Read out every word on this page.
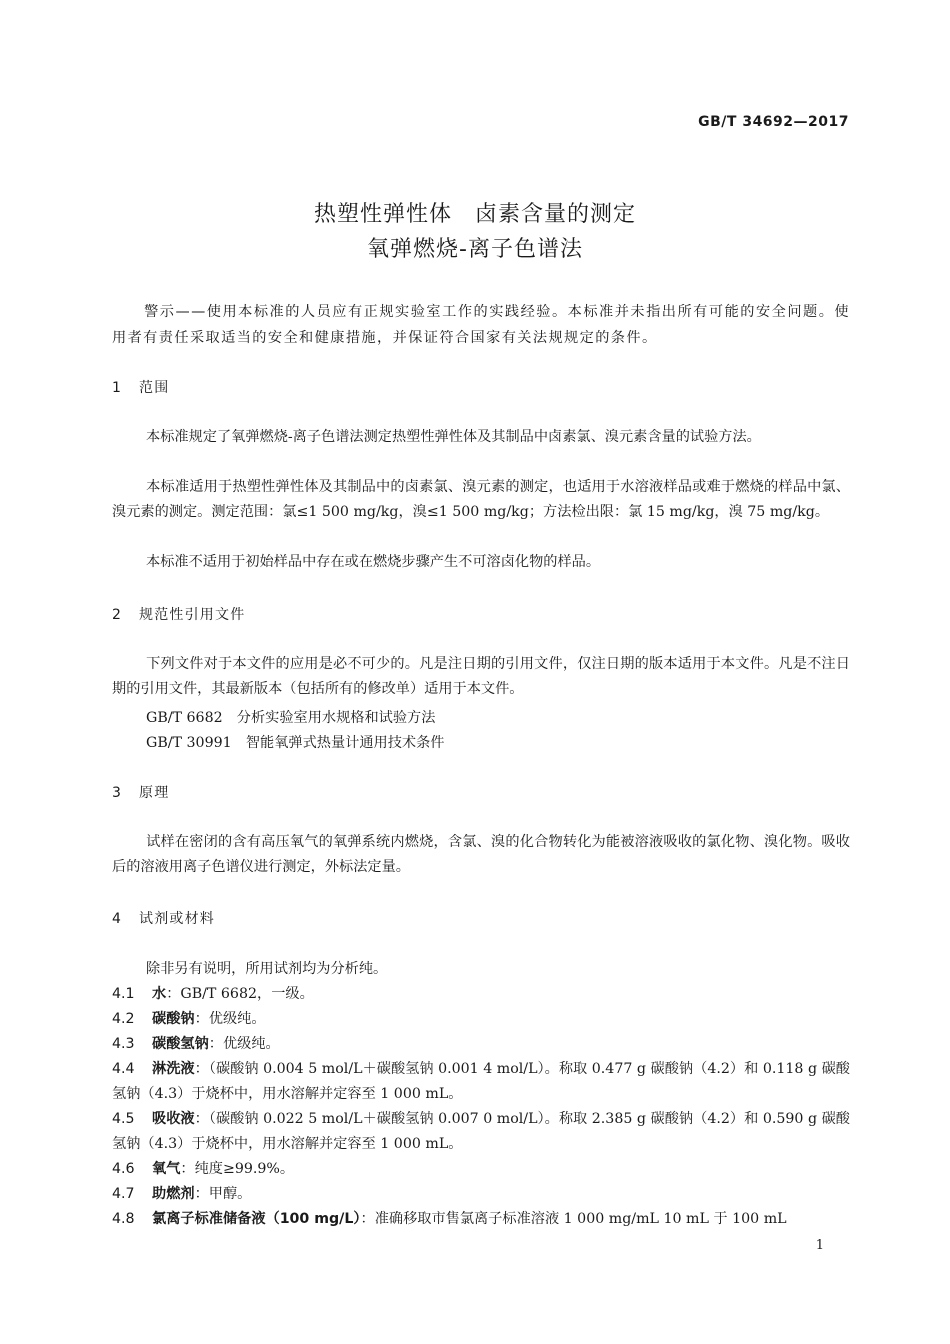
GB/T 34692—2017
热塑性弹性体　卤素含量的测定
氧弹燃烧-离子色谱法
警示——使用本标准的人员应有正规实验室工作的实践经验。本标准并未指出所有可能的安全问题。使用者有责任采取适当的安全和健康措施，并保证符合国家有关法规规定的条件。
1 范围
本标准规定了氧弹燃烧-离子色谱法测定热塑性弹性体及其制品中卤素氯、溴元素含量的试验方法。
本标准适用于热塑性弹性体及其制品中的卤素氯、溴元素的测定，也适用于水溶液样品或难于燃烧的样品中氯、溴元素的测定。测定范围：氯≤1 500 mg/kg，溴≤1 500 mg/kg；方法检出限：氯 15 mg/kg，溴 75 mg/kg。
本标准不适用于初始样品中存在或在燃烧步骤产生不可溶卤化物的样品。
2 规范性引用文件
下列文件对于本文件的应用是必不可少的。凡是注日期的引用文件，仅注日期的版本适用于本文件。凡是不注日期的引用文件，其最新版本（包括所有的修改单）适用于本文件。
GB/T 6682　分析实验室用水规格和试验方法
GB/T 30991　智能氧弹式热量计通用技术条件
3 原理
试样在密闭的含有高压氧气的氧弹系统内燃烧，含氯、溴的化合物转化为能被溶液吸收的氯化物、溴化物。吸收后的溶液用离子色谱仪进行测定，外标法定量。
4 试剂或材料
除非另有说明，所用试剂均为分析纯。
4.1 水：GB/T 6682，一级。
4.2 碳酸钠：优级纯。
4.3 碳酸氢钠：优级纯。
4.4 淋洗液：（碳酸钠 0.004 5 mol/L＋碳酸氢钠 0.001 4 mol/L）。称取 0.477 g 碳酸钠（4.2）和 0.118 g 碳酸氢钠（4.3）于烧杯中，用水溶解并定容至 1 000 mL。
4.5 吸收液：（碳酸钠 0.022 5 mol/L＋碳酸氢钠 0.007 0 mol/L）。称取 2.385 g 碳酸钠（4.2）和 0.590 g 碳酸氢钠（4.3）于烧杯中，用水溶解并定容至 1 000 mL。
4.6 氧气：纯度≥99.9%。
4.7 助燃剂：甲醇。
4.8 氯离子标准储备液（100 mg/L）：准确移取市售氯离子标准溶液 1 000 mg/mL 10 mL 于 100 mL
1
